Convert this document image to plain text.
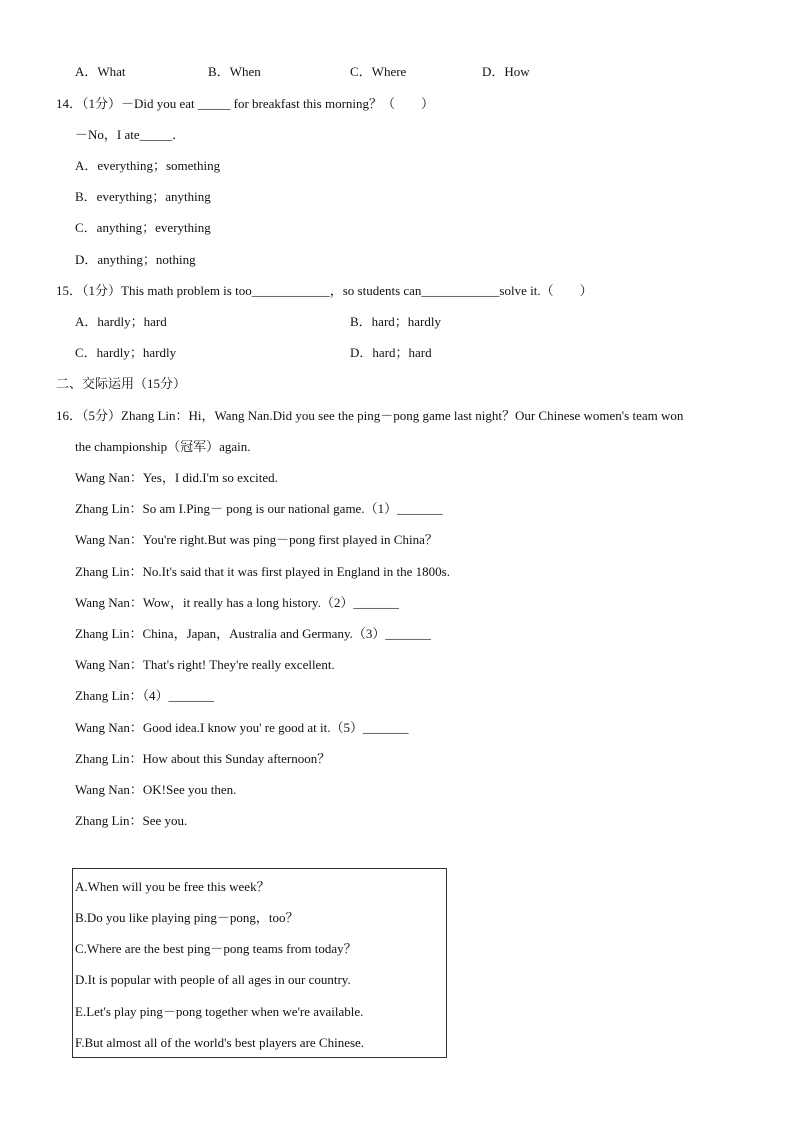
A．What	B．When	C．Where	D．How
14．（1分）－Did you eat _____ for breakfast this morning？（　　）
－No，I ate_____．
A．everything；something
B．everything；anything
C．anything；everything
D．anything；nothing
15．（1分）This math problem is too____________，so students can____________solve it.（　　）
A．hardly；hard	B．hard；hardly
C．hardly；hardly	D．hard；hard
二、交际运用（15分）
16．（5分）Zhang Lin：Hi，Wang Nan.Did you see the ping－pong game last night？Our Chinese women's team won
the championship（冠军）again.
Wang Nan：Yes，I did.I'm so excited.
Zhang Lin：So am I.Ping－ pong is our national game.（1）_______
Wang Nan：You're right.But was ping－pong first played in China？
Zhang Lin：No.It's said that it was first played in England in the 1800s.
Wang Nan：Wow，it really has a long history.（2）_______
Zhang Lin：China，Japan，Australia and Germany.（3）_______
Wang Nan：That's right! They're really excellent.
Zhang Lin：（4）_______
Wang Nan：Good idea.I know you' re good at it.（5）_______
Zhang Lin：How about this Sunday afternoon？
Wang Nan：OK!See you then.
Zhang Lin：See you.
A.When will you be free this week？
B.Do you like playing ping－pong，too？
C.Where are the best ping－pong teams from today？
D.It is popular with people of all ages in our country.
E.Let's play ping－pong together when we're available.
F.But almost all of the world's best players are Chinese.
